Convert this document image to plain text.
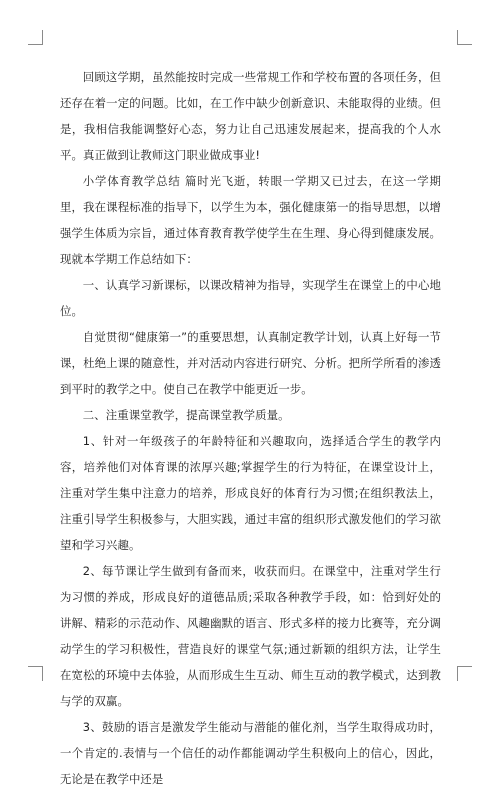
回顾这学期，虽然能按时完成一些常规工作和学校布置的各项任务，但还存在着一定的问题。比如，在工作中缺少创新意识、未能取得的业绩。但是，我相信我能调整好心态，努力让自己迅速发展起来，提高我的个人水平。真正做到让教师这门职业做成事业!

小学体育教学总结 篇时光飞逝，转眼一学期又已过去，在这一学期里，我在课程标准的指导下，以学生为本，强化健康第一的指导思想，以增强学生体质为宗旨，通过体育教育教学使学生在生理、身心得到健康发展。现就本学期工作总结如下：

一、认真学习新课标，以课改精神为指导，实现学生在课堂上的中心地位。

自觉贯彻“健康第一”的重要思想，认真制定教学计划，认真上好每一节课，杜绝上课的随意性，并对活动内容进行研究、分析。把所学所看的渗透到平时的教学之中。使自己在教学中能更近一步。

二、注重课堂教学，提高课堂教学质量。

1、针对一年级孩子的年龄特征和兴趣取向，选择适合学生的教学内容，培养他们对体育课的浓厚兴趣;掌握学生的行为特征，在课堂设计上，注重对学生集中注意力的培养，形成良好的体育行为习惯;在组织教法上，注重引导学生积极参与，大胆实践，通过丰富的组织形式激发他们的学习欲望和学习兴趣。

2、每节课让学生做到有备而来，收获而归。在课堂中，注重对学生行为习惯的养成，形成良好的道德品质;采取各种教学手段，如：恰到好处的讲解、精彩的示范动作、风趣幽默的语言、形式多样的接力比赛等，充分调动学生的学习积极性，营造良好的课堂气氛;通过新颖的组织方法，让学生在宽松的环境中去体验，从而形成生生互动、师生互动的教学模式，达到教与学的双赢。

3、鼓励的语言是激发学生能动与潜能的催化剂，当学生取得成功时，一个肯定的.表情与一个信任的动作都能调动学生积极向上的信心，因此，无论是在教学中还是
